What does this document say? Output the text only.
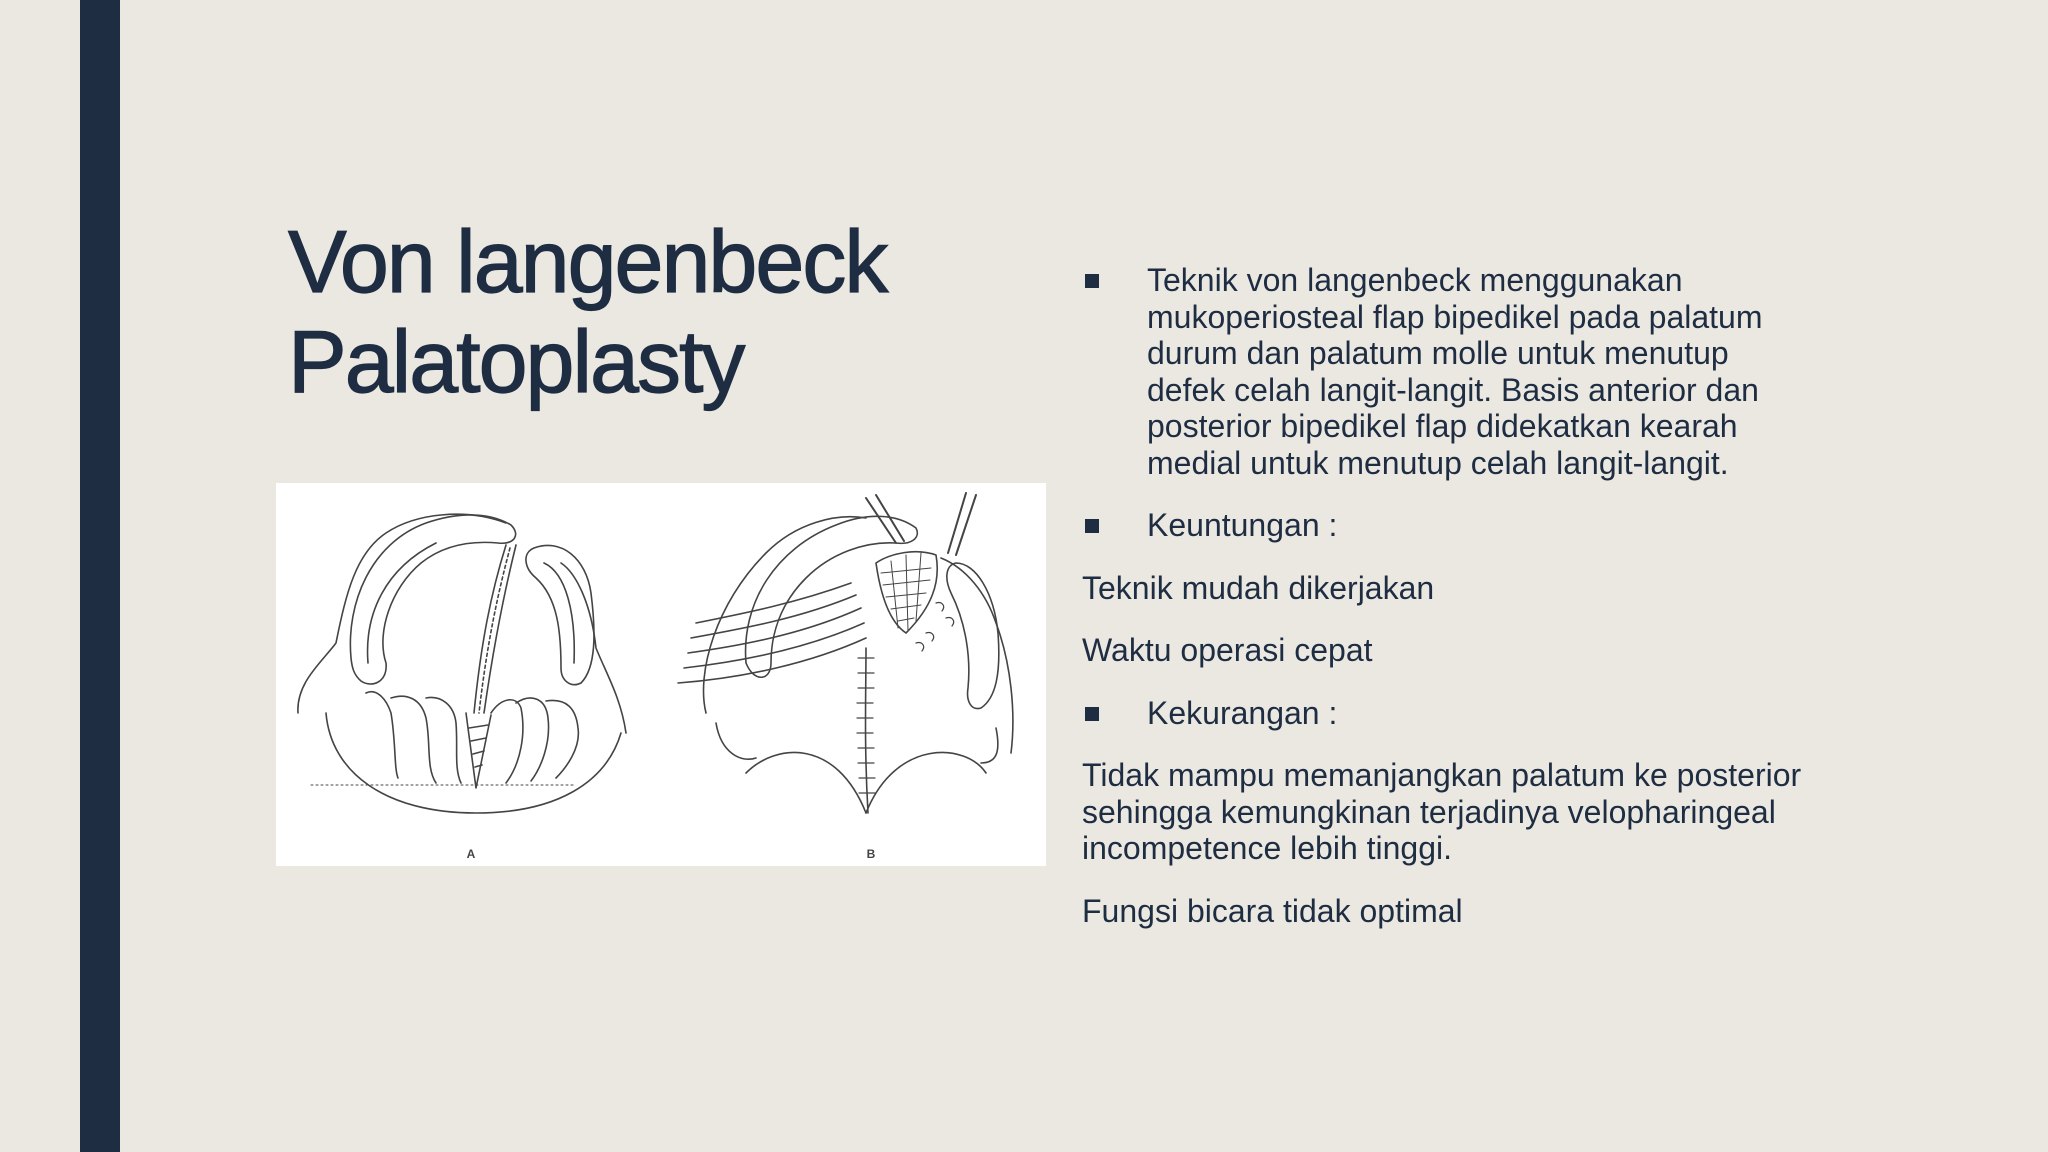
Von langenbeck
Palatoplasty
A	B

Teknik von langenbeck menggunakan mukoperiosteal flap bipedikel pada palatum durum dan palatum molle untuk menutup defek celah langit-langit. Basis anterior dan posterior bipedikel flap didekatkan kearah medial untuk menutup celah langit-langit.

Keuntungan :

Teknik mudah dikerjakan

Waktu operasi cepat

Kekurangan :

Tidak mampu memanjangkan palatum ke posterior sehingga kemungkinan terjadinya velopharingeal incompetence lebih tinggi.

Fungsi bicara tidak optimal
